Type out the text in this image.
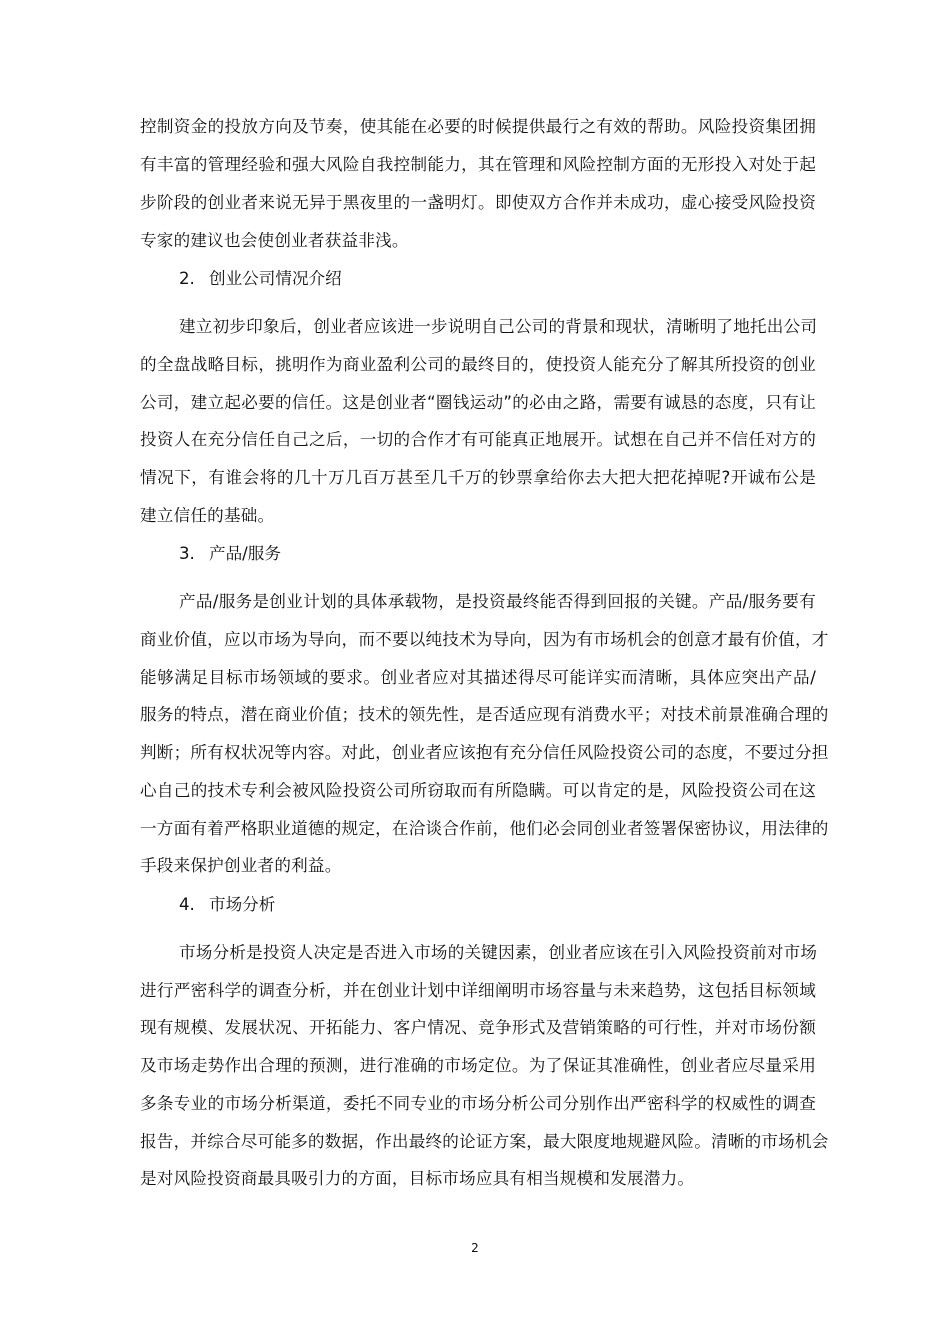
控制资金的投放方向及节奏，使其能在必要的时候提供最行之有效的帮助。风险投资集团拥
有丰富的管理经验和强大风险自我控制能力，其在管理和风险控制方面的无形投入对处于起
步阶段的创业者来说无异于黑夜里的一盏明灯。即使双方合作并未成功，虚心接受风险投资
专家的建议也会使创业者获益非浅。
2. 创业公司情况介绍
建立初步印象后，创业者应该进一步说明自己公司的背景和现状，清晰明了地托出公司
的全盘战略目标，挑明作为商业盈利公司的最终目的，使投资人能充分了解其所投资的创业
公司，建立起必要的信任。这是创业者“圈钱运动”的必由之路，需要有诚恳的态度，只有让
投资人在充分信任自己之后，一切的合作才有可能真正地展开。试想在自己并不信任对方的
情况下，有谁会将的几十万几百万甚至几千万的钞票拿给你去大把大把花掉呢?开诚布公是
建立信任的基础。
3. 产品/服务
产品/服务是创业计划的具体承载物，是投资最终能否得到回报的关键。产品/服务要有
商业价值，应以市场为导向，而不要以纯技术为导向，因为有市场机会的创意才最有价值，才
能够满足目标市场领域的要求。创业者应对其描述得尽可能详实而清晰，具体应突出产品/
服务的特点，潜在商业价值；技术的领先性，是否适应现有消费水平；对技术前景准确合理的
判断；所有权状况等内容。对此，创业者应该抱有充分信任风险投资公司的态度，不要过分担
心自己的技术专利会被风险投资公司所窃取而有所隐瞒。可以肯定的是，风险投资公司在这
一方面有着严格职业道德的规定，在洽谈合作前，他们必会同创业者签署保密协议，用法律的
手段来保护创业者的利益。
4. 市场分析
市场分析是投资人决定是否进入市场的关键因素，创业者应该在引入风险投资前对市场
进行严密科学的调查分析，并在创业计划中详细阐明市场容量与未来趋势，这包括目标领域
现有规模、发展状况、开拓能力、客户情况、竞争形式及营销策略的可行性，并对市场份额
及市场走势作出合理的预测，进行准确的市场定位。为了保证其准确性，创业者应尽量采用
多条专业的市场分析渠道，委托不同专业的市场分析公司分别作出严密科学的权威性的调查
报告，并综合尽可能多的数据，作出最终的论证方案，最大限度地规避风险。清晰的市场机会
是对风险投资商最具吸引力的方面，目标市场应具有相当规模和发展潜力。
2
